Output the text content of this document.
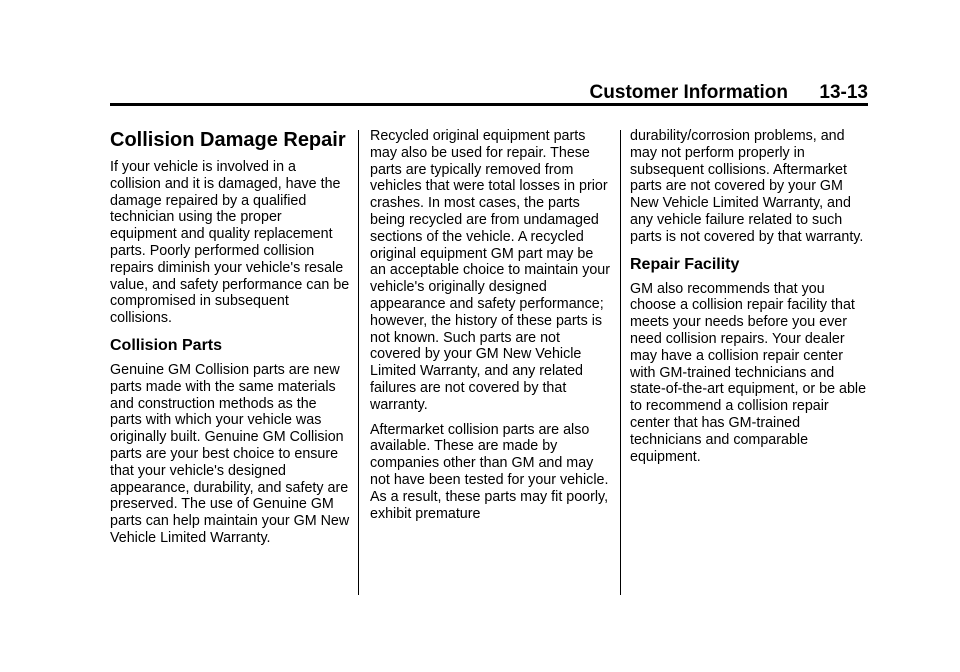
Customer Information 13-13
Collision Damage Repair

If your vehicle is involved in a collision and it is damaged, have the damage repaired by a qualified technician using the proper equipment and quality replacement parts. Poorly performed collision repairs diminish your vehicle's resale value, and safety performance can be compromised in subsequent collisions.

Collision Parts

Genuine GM Collision parts are new parts made with the same materials and construction methods as the parts with which your vehicle was originally built. Genuine GM Collision parts are your best choice to ensure that your vehicle's designed appearance, durability, and safety are preserved. The use of Genuine GM parts can help maintain your GM New Vehicle Limited Warranty.

Recycled original equipment parts may also be used for repair. These parts are typically removed from vehicles that were total losses in prior crashes. In most cases, the parts being recycled are from undamaged sections of the vehicle. A recycled original equipment GM part may be an acceptable choice to maintain your vehicle's originally designed appearance and safety performance; however, the history of these parts is not known. Such parts are not covered by your GM New Vehicle Limited Warranty, and any related failures are not covered by that warranty.

Aftermarket collision parts are also available. These are made by companies other than GM and may not have been tested for your vehicle. As a result, these parts may fit poorly, exhibit premature

durability/corrosion problems, and may not perform properly in subsequent collisions. Aftermarket parts are not covered by your GM New Vehicle Limited Warranty, and any vehicle failure related to such parts is not covered by that warranty.

Repair Facility

GM also recommends that you choose a collision repair facility that meets your needs before you ever need collision repairs. Your dealer may have a collision repair center with GM-trained technicians and state-of-the-art equipment, or be able to recommend a collision repair center that has GM-trained technicians and comparable equipment.
